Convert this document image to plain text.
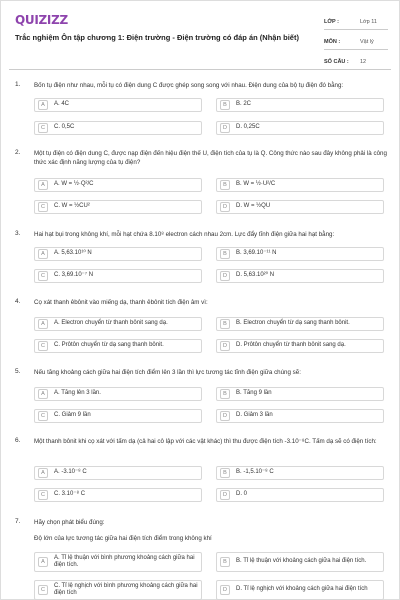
QUIZIZZ
Trắc nghiệm Ôn tập chương 1: Điện trường - Điện trường có đáp án (Nhận biết)
LỚP :	Lớp 11
MÔN :	Vật lý
SỐ CÂU :	12
1. Bốn tụ điện như nhau, mỗi tụ có điện dung C được ghép song song với nhau. Điện dung của bộ tụ điện đó bằng:
A	A. 4C	B	B. 2C
C	C. 0,5C	D	D. 0,25C
2. Một tụ điện có điện dung C, được nạp điện đến hiệu điện thế U, điện tích của tụ là Q. Công thức nào sau đây không phải là công thức xác định năng lượng của tụ điện?
A	A. W = ½·Q²/C	B	B. W = ½·U²/C
C	C. W = ½CU²	D	D. W = ½QU
3. Hai hạt bụi trong không khí, mỗi hạt chứa 8.10⁸ electron cách nhau 2cm. Lực đẩy tĩnh điện giữa hai hạt bằng:
A	A. 5,63.10¹⁰ N	B	B. 3,69.10⁻¹¹ N
C	C. 3,69.10⁻⁷ N	D	D. 5,63.10²⁰ N
4. Cọ xát thanh êbônit vào miếng dạ, thanh êbônit tích điện âm vì:
A	A. Electron chuyển từ thanh bônit sang dạ.	B	B. Electron chuyển từ dạ sang thanh bônit.
C	C. Prôtôn chuyển từ dạ sang thanh bônit.	D	D. Prôtôn chuyển từ thanh bônit sang dạ.
5. Nếu tăng khoảng cách giữa hai điện tích điểm lên 3 lần thì lực tương tác tĩnh điện giữa chúng sẽ:
A	A. Tăng lên 3 lần.	B	B. Tăng 9 lần
C	C. Giảm 9 lần	D	D. Giảm 3 lần
6. Một thanh bônit khi cọ xát với tấm dạ (cả hai cô lập với các vật khác) thì thu được điện tích -3.10⁻⁸C. Tấm dạ sẽ có điện tích:
A	A. -3.10⁻⁸ C	B	B. -1,5.10⁻⁸ C
C	C. 3.10⁻⁸ C	D	D. 0
7. Hãy chọn phát biểu đúng:
Độ lớn của lực tương tác giữa hai điện tích điểm trong không khí
A
A. Tỉ lệ thuận với bình phương khoảng cách giữa hai điện tích.	B	B. Tỉ lệ thuận với khoảng cách giữa hai điện tích.
C
C. Tỉ lệ nghịch với bình phương khoảng cách giữa hai điện tích	D	D. Tỉ lệ nghịch với khoảng cách giữa hai điện tích
